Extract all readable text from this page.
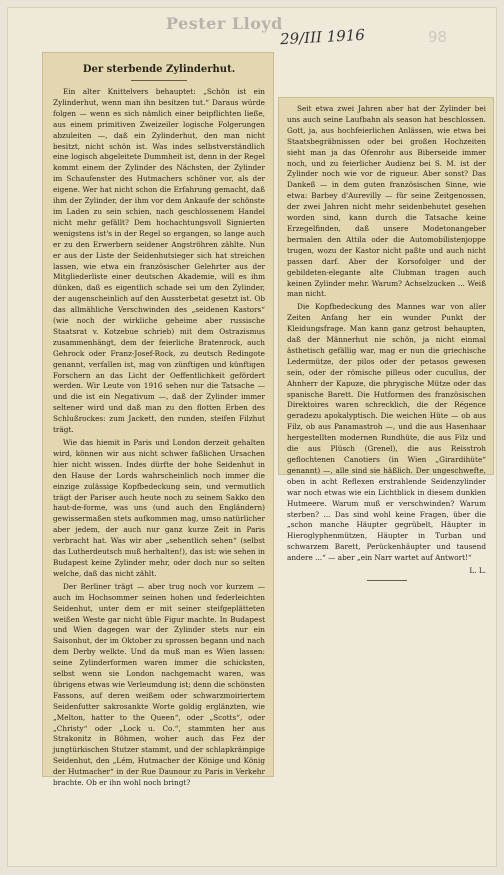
Pester Lloyd
29/III 1916	98
Der sterbende Zylinderhut.

Ein alter Knittelvers behauptet: „Schön ist ein Zylinderhut, wenn man ihn besitzen tut.“ Daraus würde folgen — wenn es sich nämlich einer beipflichten ließe, aus einem primitiven Zweizeiler logische Folgerungen abzuleiten —, daß ein Zylinderhut, den man nicht besitzt, nicht schön ist. Was indes selbstverständlich eine logisch abgeleitete Dummheit ist, denn in der Regel kommt einem der Zylinder des Nächsten, der Zylinder im Schaufenster des Hutmachers schöner vor, als der eigene. Wer hat nicht schon die Erfahrung gemacht, daß ihm der Zylinder, der ihm vor dem Ankaufe der schönste im Laden zu sein schien, nach geschlossenem Handel nicht mehr gefällt? Dem hochachtungsvoll Signierten wenigstens ist's in der Regel so ergangen, so lange auch er zu den Erwerbern seidener Angströhren zählte. Nun er aus der Liste der Seidenhutsieger sich hat streichen lassen, wie etwa ein französischer Gelehrter aus der Mitgliederliste einer deutschen Akademie, will es ihm dünken, daß es eigentlich schade sei um den Zylinder, der augenscheinlich auf den Aussterbetat gesetzt ist. Ob das allmähliche Verschwinden des „seidenen Kastors“ (wie noch der wirkliche geheime aber russische Staatsrat v. Kotzebue schrieb) mit dem Ostrazismus zusammenhängt, dem der feierliche Bratenrock, auch Gehrock oder Franz-Josef-Rock, zu deutsch Redingote genannt, verfallen ist, mag von zünftigen und künftigen Forschern an das Licht der Oeffentlichkeit gefördert werden. Wir Leute von 1916 sehen nur die Tatsache — und die ist ein Negativum —, daß der Zylinder immer seltener wird und daß man zu den flotten Erben des Schlußrockes: zum Jackett, den runden, steifen Filzhut trägt.

Wie das hiemit in Paris und London derzeit gehalten wird, können wir aus nicht schwer faßlichen Ursachen hier nicht wissen. Indes dürfte der hohe Seidenhut in den Hause der Lords wahrscheinlich noch immer die einzige zulässige Kopfbedeckung sein, und vermutlich trägt der Pariser auch heute noch zu seinem Sakko den haut-de-forme, was uns (und auch den Engländern) gewissermaßen stets aufkommen mag, umso natürlicher aber jedem, der auch nur ganz kurze Zeit in Paris verbracht hat. Was wir aber „sehentlich sehen“ (selbst das Lutherdeutsch muß herhalten!), das ist: wie sehen in Budapest keine Zylinder mehr, oder doch nur so selten welche, daß das nicht zählt.

Der Berliner trägt — aber trug noch vor kurzem — auch im Hochsommer seinen hohen und federleichten Seidenhut, unter dem er mit seiner steifgeplätteten weißen Weste gar nicht üble Figur machte. In Budapest und Wien dagegen war der Zylinder stets nur ein Saisonhut, der im Oktober zu sprossen begann und nach dem Derby welkte. Und da muß man es Wien lassen: seine Zylinderformen waren immer die schicksten, selbst wenn sie London nachgemacht waren, was übrigens etwas wie Verleumdung ist; denn die schönsten Fassons, auf deren weißem oder schwarzmoiriertem Seidenfutter sakrosankte Worte goldig erglänzten, wie „Melton, hatter to the Queen“, oder „Scotts“, oder „Christy“ oder „Lock u. Co.“, stammten her aus Strakonitz in Böhmen, woher auch das Fez der jungtürkischen Stutzer stammt, und der schlapkrämpige Seidenhut, den „Lém, Hutmacher der Könige und König der Hutmacher“ in der Rue Daunour zu Paris in Verkehr brachte. Ob er ihn wohl noch bringt?

Seit etwa zwei Jahren aber hat der Zylinder bei uns auch seine Laufbahn als season hat beschlossen. Gott, ja, aus hochfeierlichen Anlässen, wie etwa bei Staatsbegräbnissen oder bei großen Hochzeiten sieht man ja das Ofenrohr aus Biberseide immer noch, und zu feierlicher Audienz bei S. M. ist der Zylinder noch wie vor de rigueur. Aber sonst? Das Dankeß — in dem guten französischen Sinne, wie etwa: Barbey d'Aurevilly — für seine Zeitgenossen, der zwei Jahren nicht mehr seidenbehutet gesehen worden sind, kann durch die Tatsache keine Erzegelfinden, daß unsere Modetonangeber bermalen den Attila oder die Automobilistenjoppe trugen, wozu der Kastor nicht paßte und auch nicht passen darf. Aber der Korsofolger und der gebildeten-elegante alte Clubman tragen auch keinen Zylinder mehr. Warum? Achselzucken ... Weiß man nicht.

Die Kopfbedeckung des Mannes war von aller Zeiten Anfang her ein wunder Punkt der Kleidungsfrage. Man kann ganz getrost behaupten, daß der Männerhut nie schön, ja nicht einmal ästhetisch gefällig war, mag er nun die griechische Ledermütze, der pilos oder der petasos gewesen sein, oder der römische pilleus oder cucullus, der Ahnherr der Kapuze, die phrygische Mütze oder das spanische Barett. Die Hutformen des französischen Direktoires waren schrecklich, die der Régence geradezu apokalyptisch. Die weichen Hüte — ob aus Filz, ob aus Panamastroh —, und die aus Hasenhaar hergestellten modernen Rundhüte, die aus Filz und die aus Plüsch (Grenel), die aus Reisstroh geflochtenen Canotiers (in Wien „Girardihüte“ genannt) —, alle sind sie häßlich. Der ungeschwefte, oben in acht Reflexen erstrahlende Seidenzylinder war noch etwas wie ein Lichtblick in diesem dunklen Hutmeere. Warum muß er verschwinden? Warum sterben? ... Das sind wohl keine Fragen, über die „schon manche Häupter gegrübelt, Häupter in Hieroglyphenmützen, Häupter in Turban und schwarzem Barett, Perückenhäupter und tausend andere ...“ — aber „ein Narr wartet auf Antwort!“

L. L.
